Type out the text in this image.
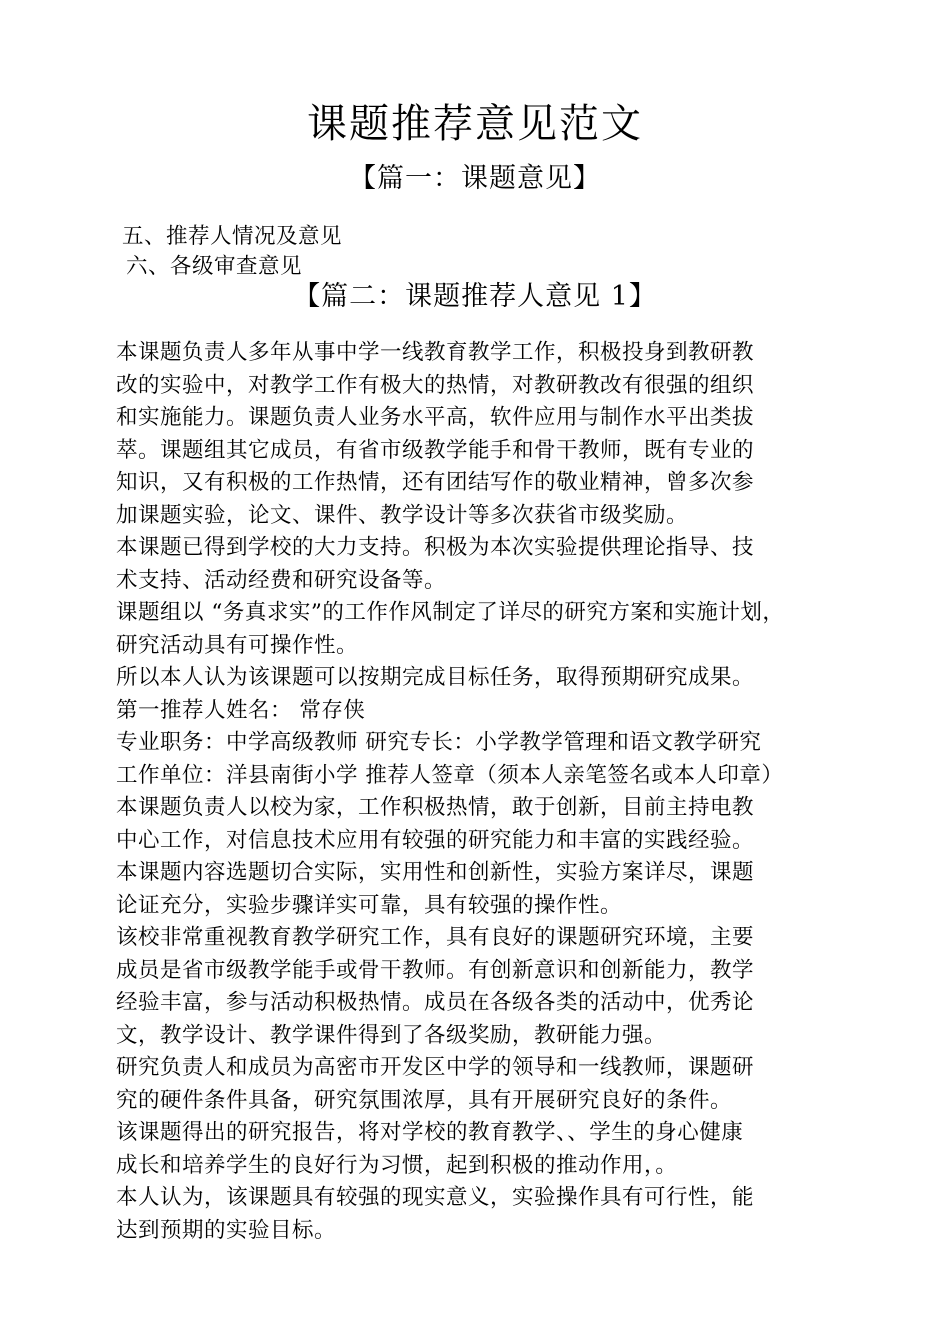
课题推荐意见范文
【篇一：课题意见】
五、推荐人情况及意见
六、各级审查意见
【篇二：课题推荐人意见 1】
本课题负责人多年从事中学一线教育教学工作，积极投身到教研教
改的实验中，对教学工作有极大的热情，对教研教改有很强的组织
和实施能力。课题负责人业务水平高，软件应用与制作水平出类拔
萃。课题组其它成员，有省市级教学能手和骨干教师，既有专业的
知识，又有积极的工作热情，还有团结写作的敬业精神，曾多次参
加课题实验，论文、课件、教学设计等多次获省市级奖励。
本课题已得到学校的大力支持。积极为本次实验提供理论指导、技
术支持、活动经费和研究设备等。
课题组以 “务真求实”的工作作风制定了详尽的研究方案和实施计划，
研究活动具有可操作性。
所以本人认为该课题可以按期完成目标任务，取得预期研究成果。
第一推荐人姓名： 常存侠
专业职务：中学高级教师 研究专长：小学教学管理和语文教学研究
工作单位：洋县南街小学 推荐人签章（须本人亲笔签名或本人印章）
本课题负责人以校为家，工作积极热情，敢于创新，目前主持电教
中心工作，对信息技术应用有较强的研究能力和丰富的实践经验。
本课题内容选题切合实际，实用性和创新性，实验方案详尽，课题
论证充分，实验步骤详实可靠，具有较强的操作性。
该校非常重视教育教学研究工作，具有良好的课题研究环境，主要
成员是省市级教学能手或骨干教师。有创新意识和创新能力，教学
经验丰富，参与活动积极热情。成员在各级各类的活动中，优秀论
文，教学设计、教学课件得到了各级奖励，教研能力强。
研究负责人和成员为高密市开发区中学的领导和一线教师，课题研
究的硬件条件具备，研究氛围浓厚，具有开展研究良好的条件。
该课题得出的研究报告，将对学校的教育教学、、学生的身心健康
成长和培养学生的良好行为习惯，起到积极的推动作用，。
本人认为，该课题具有较强的现实意义，实验操作具有可行性，能
达到预期的实验目标。
